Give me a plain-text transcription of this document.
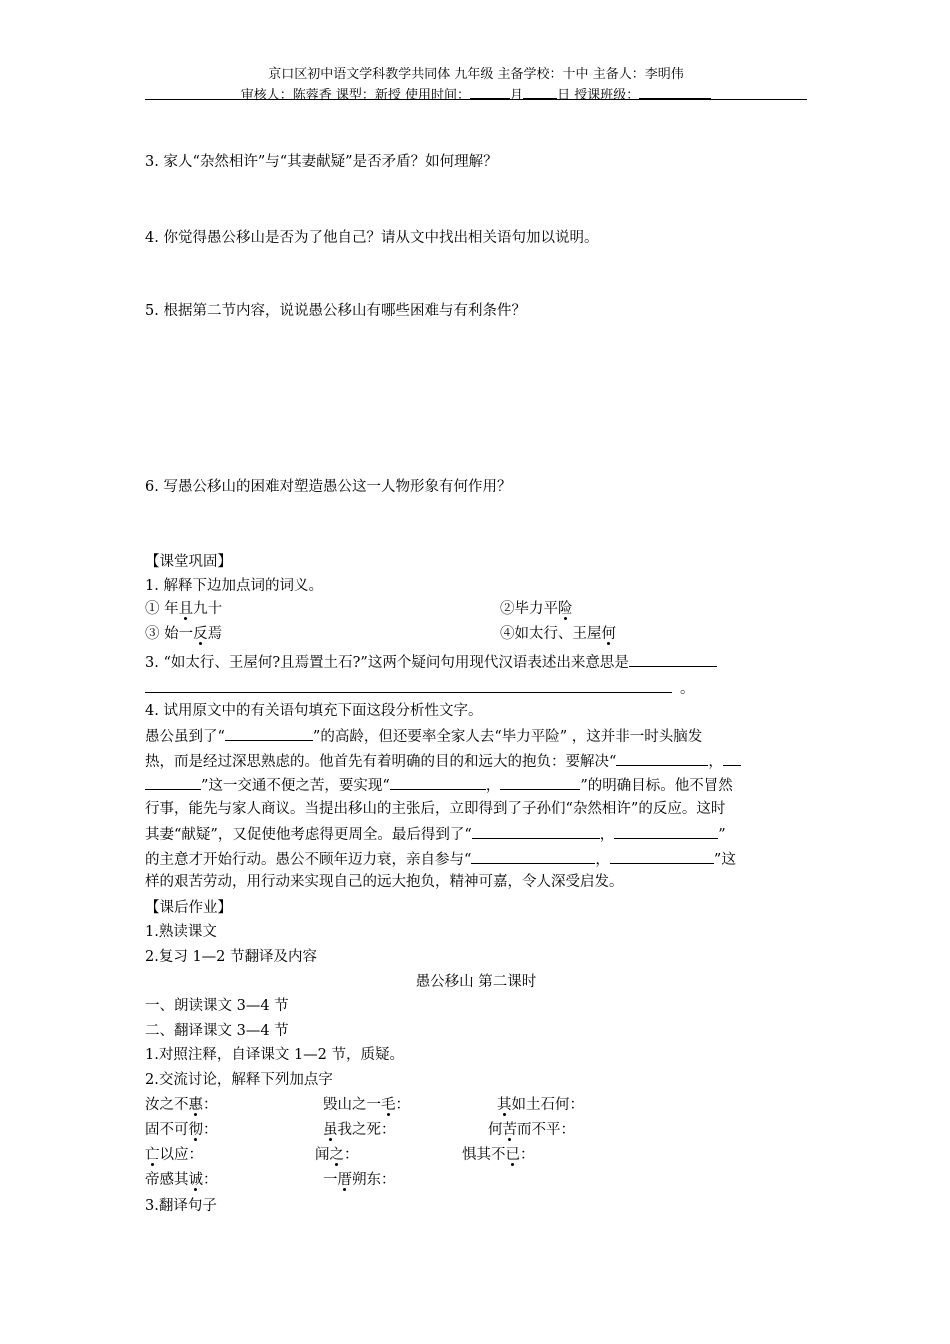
京口区初中语文学科教学共同体 九年级 主备学校：十中 主备人：李明伟
审核人：陈蓉香 课型：新授 使用时间：	月	日 授课班级：
3. 家人“杂然相许”与“其妻献疑”是否矛盾？如何理解？
4. 你觉得愚公移山是否为了他自己？请从文中找出相关语句加以说明。
5. 根据第二节内容，说说愚公移山有哪些困难与有利条件？
6. 写愚公移山的困难对塑造愚公这一人物形象有何作用？
【课堂巩固】
1. 解释下边加点词的词义。
① 年且九十	②毕力平险
③ 始一反焉	④如太行、王屋何
3. “如太行、王屋何?且焉置土石?”这两个疑问句用现代汉语表述出来意思是
。
4. 试用原文中的有关语句填充下面这段分析性文字。
愚公虽到了“	”的高龄，但还要率全家人去“毕力平险” ，这并非一时头脑发
热，而是经过深思熟虑的。他首先有着明确的目的和远大的抱负：要解决“	，
”这一交通不便之苦，要实现“	，	”的明确目标。他不冒然
行事，能先与家人商议。当提出移山的主张后，立即得到了子孙们“杂然相许”的反应。这时
其妻“献疑”，又促使他考虑得更周全。最后得到了“	，	”
的主意才开始行动。愚公不顾年迈力衰，亲自参与“	，	”这
样的艰苦劳动，用行动来实现自己的远大抱负，精神可嘉，令人深受启发。
【课后作业】
1.熟读课文
2.复习 1—2 节翻译及内容
愚公移山 第二课时
一、朗读课文 3—4 节
二、翻译课文 3—4 节
1.对照注释，自译课文 1—2 节，质疑。
2.交流讨论，解释下列加点字
汝之不惠：	毁山之一毛：	其如土石何：
固不可彻：	虽我之死：	何苦而不平：
亡以应：	闻之：	惧其不已：
帝感其诚：	一厝朔东：
3.翻译句子
